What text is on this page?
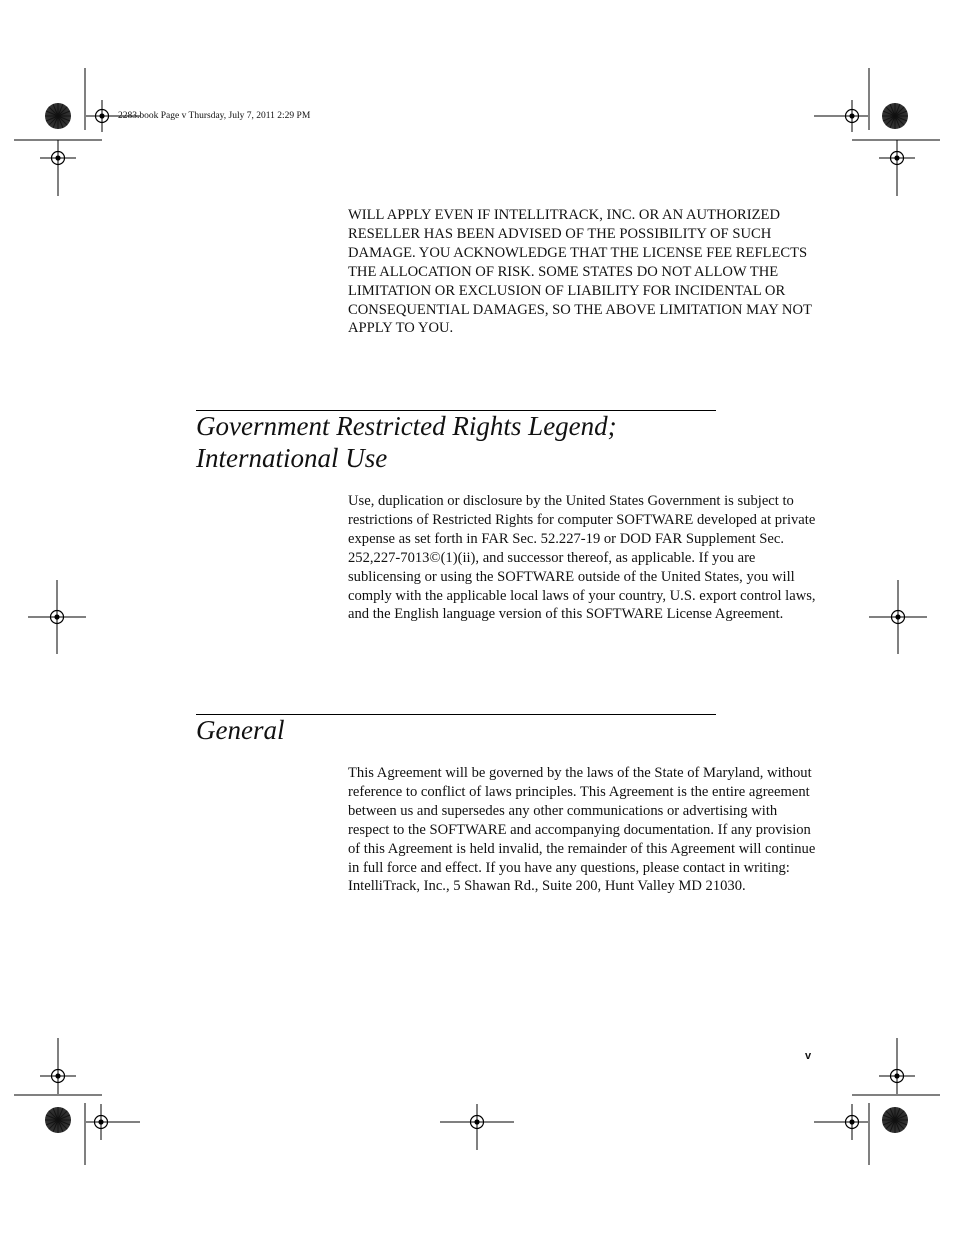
2283.book Page v Thursday, July 7, 2011 2:29 PM

WILL APPLY EVEN IF INTELLITRACK, INC. OR AN AUTHORIZED RESELLER HAS BEEN ADVISED OF THE POSSIBILITY OF SUCH DAMAGE. YOU ACKNOWLEDGE THAT THE LICENSE FEE REFLECTS THE ALLOCATION OF RISK. SOME STATES DO NOT ALLOW THE LIMITATION OR EXCLUSION OF LIABILITY FOR INCIDENTAL OR CONSEQUENTIAL DAMAGES, SO THE ABOVE LIMITATION MAY NOT APPLY TO YOU.

Government Restricted Rights Legend;
International Use

Use, duplication or disclosure by the United States Government is subject to restrictions of Restricted Rights for computer SOFTWARE developed at private expense as set forth in FAR Sec. 52.227-19 or DOD FAR Supplement Sec. 252,227-7013©(1)(ii), and successor thereof, as applicable. If you are sublicensing or using the SOFTWARE outside of the United States, you will comply with the applicable local laws of your country, U.S. export control laws, and the English language version of this SOFTWARE License Agreement.

General

This Agreement will be governed by the laws of the State of Maryland, without reference to conflict of laws principles. This Agreement is the entire agreement between us and supersedes any other communications or advertising with respect to the SOFTWARE and accompanying documentation. If any provision of this Agreement is held invalid, the remainder of this Agreement will continue in full force and effect. If you have any questions, please contact in writing: IntelliTrack, Inc., 5 Shawan Rd., Suite 200, Hunt Valley MD 21030.

v
